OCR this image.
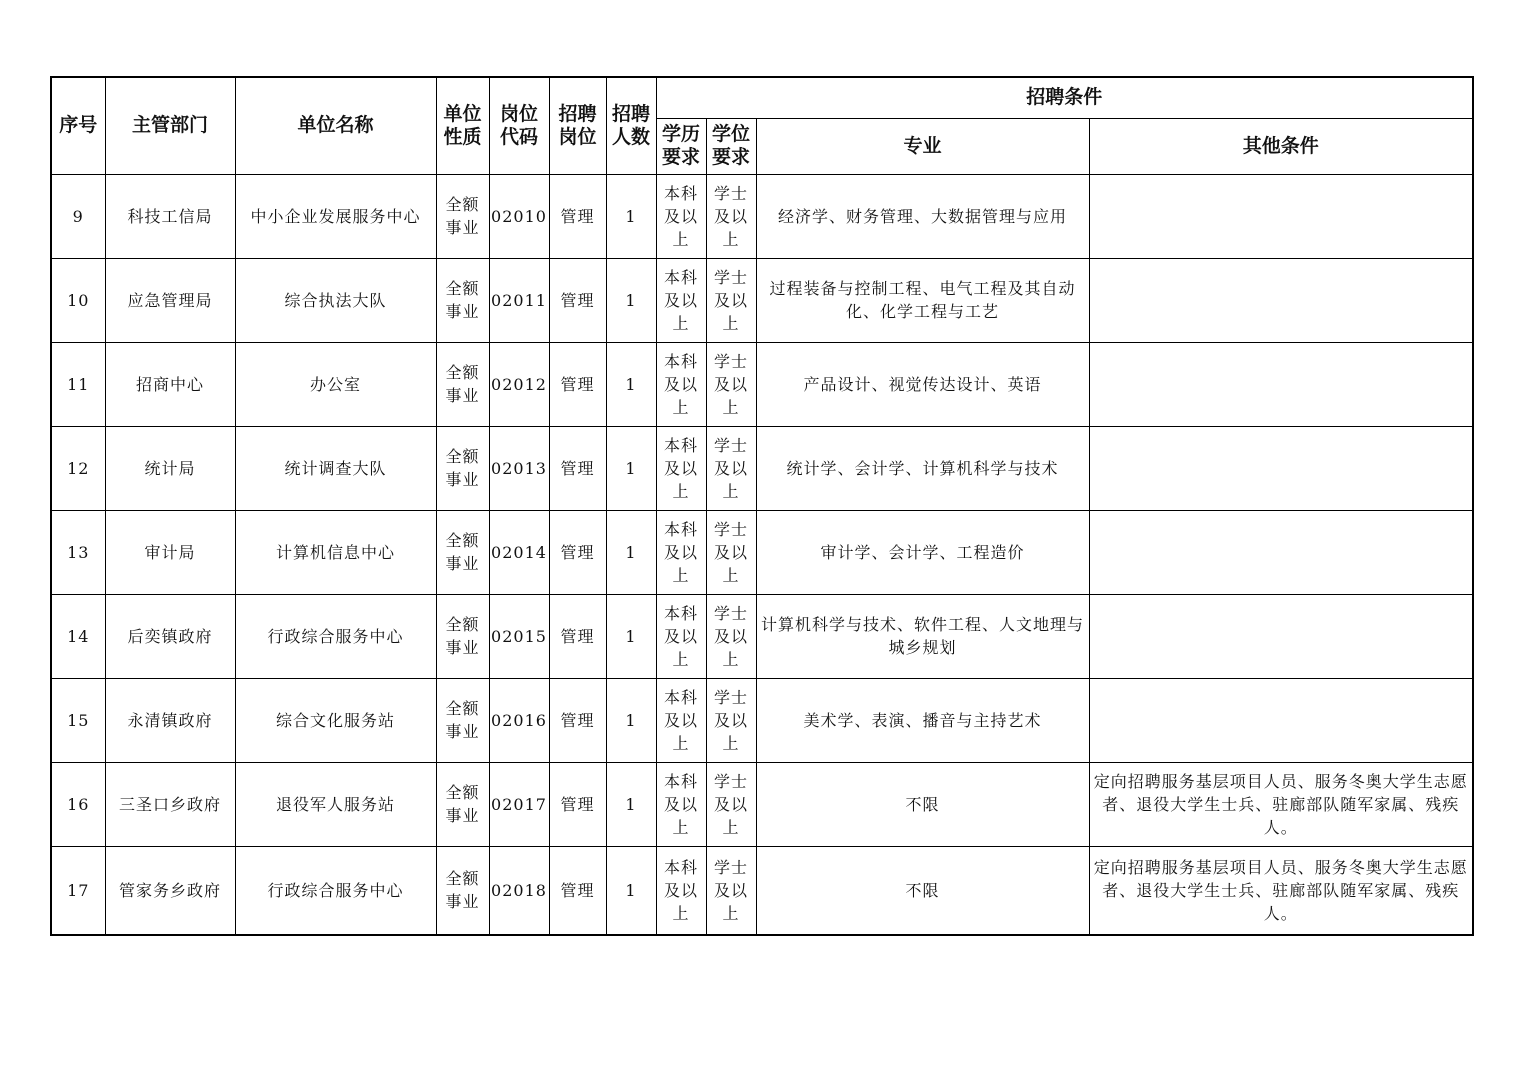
序号	主管部门	单位名称	单位性质	岗位代码	招聘岗位	招聘人数	招聘条件			
							学历要求	学位要求	专业	其他条件
9	科技工信局	中小企业发展服务中心	全额事业	02010	管理	1	本科及以上	学士及以上	经济学、财务管理、大数据管理与应用	
10	应急管理局	综合执法大队	全额事业	02011	管理	1	本科及以上	学士及以上	过程装备与控制工程、电气工程及其自动化、化学工程与工艺	
11	招商中心	办公室	全额事业	02012	管理	1	本科及以上	学士及以上	产品设计、视觉传达设计、英语	
12	统计局	统计调查大队	全额事业	02013	管理	1	本科及以上	学士及以上	统计学、会计学、计算机科学与技术	
13	审计局	计算机信息中心	全额事业	02014	管理	1	本科及以上	学士及以上	审计学、会计学、工程造价	
14	后奕镇政府	行政综合服务中心	全额事业	02015	管理	1	本科及以上	学士及以上	计算机科学与技术、软件工程、人文地理与城乡规划	
15	永清镇政府	综合文化服务站	全额事业	02016	管理	1	本科及以上	学士及以上	美术学、表演、播音与主持艺术	
16	三圣口乡政府	退役军人服务站	全额事业	02017	管理	1	本科及以上	学士及以上	不限	定向招聘服务基层项目人员、服务冬奥大学生志愿者、退役大学生士兵、驻廊部队随军家属、残疾人。
17	管家务乡政府	行政综合服务中心	全额事业	02018	管理	1	本科及以上	学士及以上	不限	定向招聘服务基层项目人员、服务冬奥大学生志愿者、退役大学生士兵、驻廊部队随军家属、残疾人。
